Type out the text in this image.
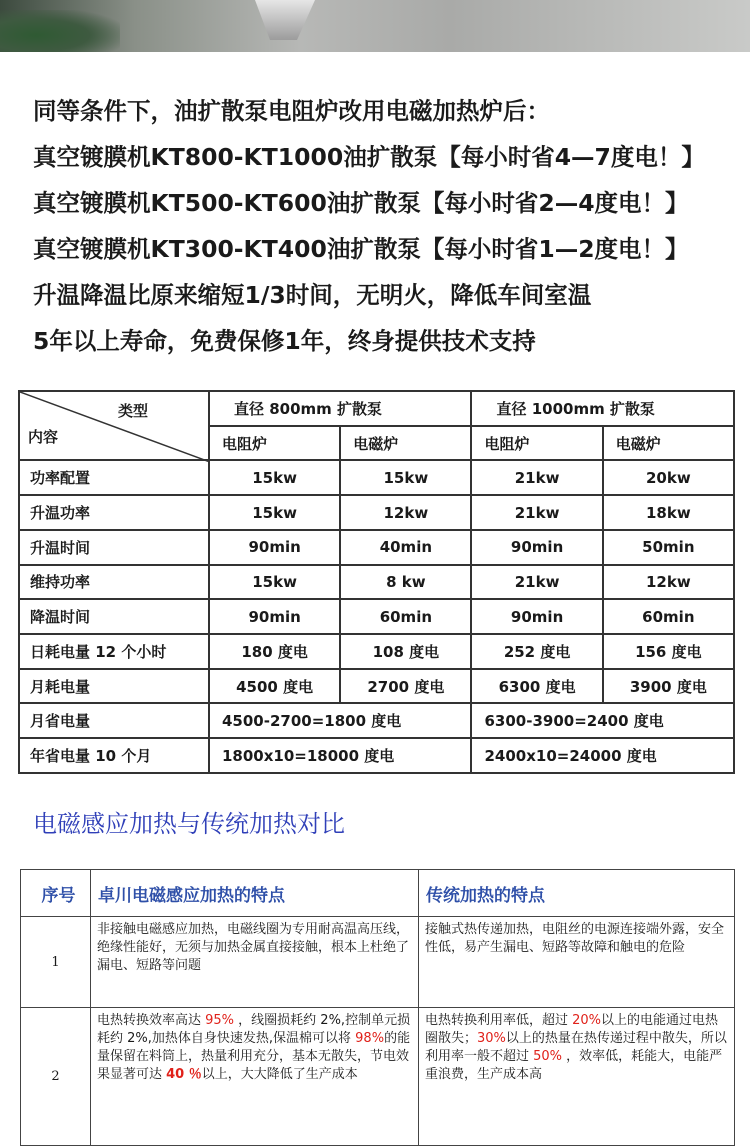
同等条件下，油扩散泵电阻炉改用电磁加热炉后：
真空镀膜机KT800-KT1000油扩散泵【每小时省4—7度电！】
真空镀膜机KT500-KT600油扩散泵【每小时省2—4度电！】
真空镀膜机KT300-KT400油扩散泵【每小时省1—2度电！】
升温降温比原来缩短1/3时间，无明火，降低车间室温
5年以上寿命，免费保修1年，终身提供技术支持
类型
内容	直径 800mm 扩散泵		直径 1000mm 扩散泵	
	电阻炉	电磁炉	电阻炉	电磁炉
功率配置	15kw	15kw	21kw	20kw
升温功率	15kw	12kw	21kw	18kw
升温时间	90min	40min	90min	50min
维持功率	15kw	8 kw	21kw	12kw
降温时间	90min	60min	90min	60min
日耗电量 12 个小时	180 度电	108 度电	252 度电	156 度电
月耗电量	4500 度电	2700 度电	6300 度电	3900 度电
月省电量	4500-2700=1800 度电		6300-3900=2400 度电	
年省电量 10 个月	1800x10=18000 度电		2400x10=24000 度电	
电磁感应加热与传统加热对比
序号	卓川电磁感应加热的特点	传统加热的特点
1	非接触电磁感应加热，电磁线圈为专用耐高温高压线，绝缘性能好，无须与加热金属直接接触，根本上杜绝了漏电、短路等问题	接触式热传递加热，电阻丝的电源连接端外露，安全性低，易产生漏电、短路等故障和触电的危险
2	电热转换效率高达 95% ，线圈损耗约 2%,控制单元损耗约 2%,加热体自身快速发热,保温棉可以将 98%的能量保留在料筒上，热量利用充分，基本无散失，节电效果显著可达 40 ％以上，大大降低了生产成本	电热转换利用率低，超过 20%以上的电能通过电热圈散失；30%以上的热量在热传递过程中散失，所以利用率一般不超过 50% ，效率低，耗能大，电能严重浪费，生产成本高
